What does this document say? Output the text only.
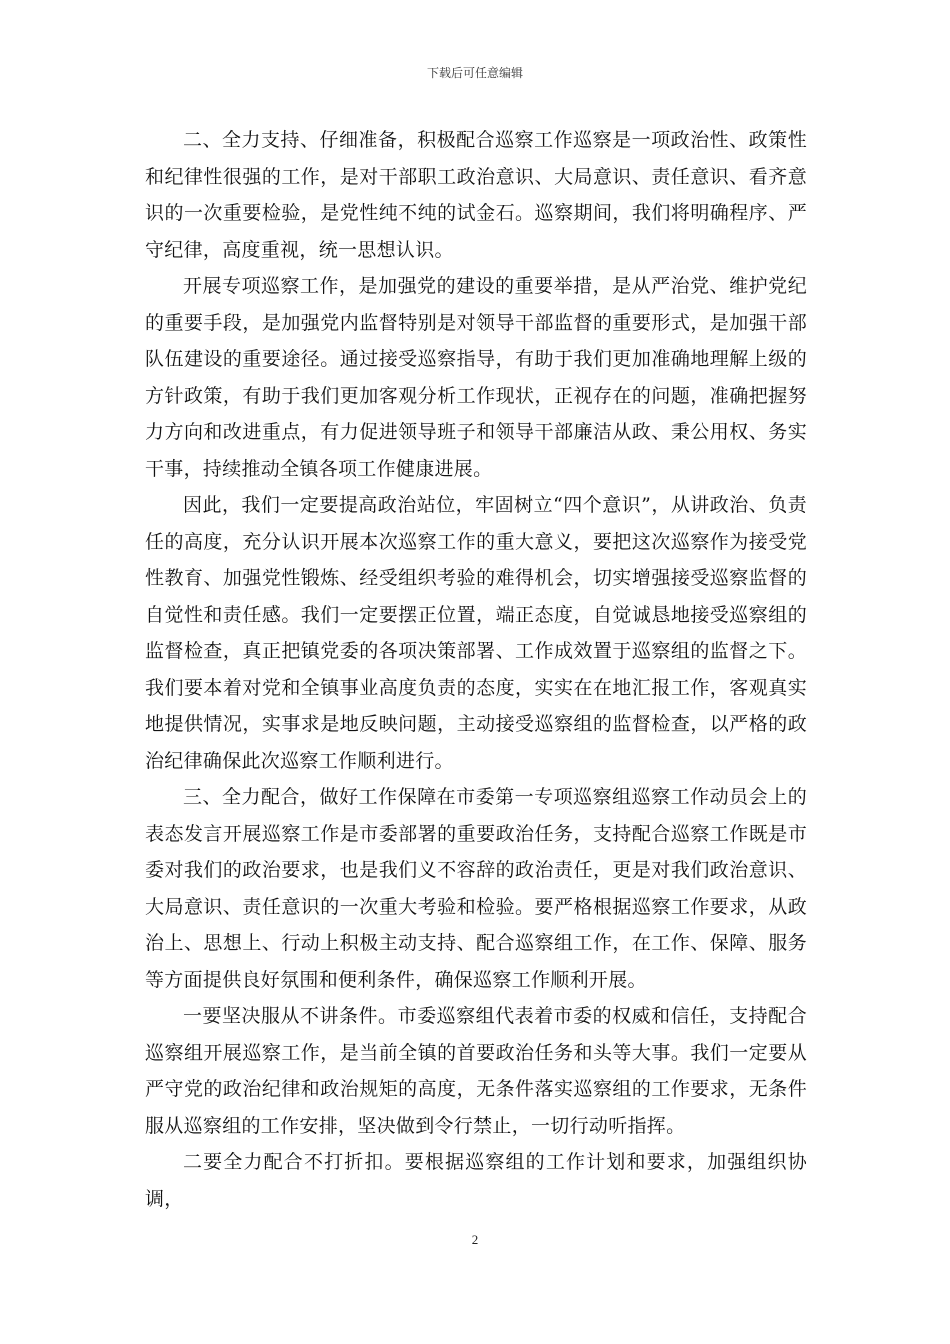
下载后可任意编辑

二、全力支持、仔细准备，积极配合巡察工作巡察是一项政治性、政策性和纪律性很强的工作，是对干部职工政治意识、大局意识、责任意识、看齐意识的一次重要检验，是党性纯不纯的试金石。巡察期间，我们将明确程序、严守纪律，高度重视，统一思想认识。

开展专项巡察工作，是加强党的建设的重要举措，是从严治党、维护党纪的重要手段，是加强党内监督特别是对领导干部监督的重要形式，是加强干部队伍建设的重要途径。通过接受巡察指导，有助于我们更加准确地理解上级的方针政策，有助于我们更加客观分析工作现状，正视存在的问题，准确把握努力方向和改进重点，有力促进领导班子和领导干部廉洁从政、秉公用权、务实干事，持续推动全镇各项工作健康进展。

因此，我们一定要提高政治站位，牢固树立“四个意识”，从讲政治、负责任的高度，充分认识开展本次巡察工作的重大意义，要把这次巡察作为接受党性教育、加强党性锻炼、经受组织考验的难得机会，切实增强接受巡察监督的自觉性和责任感。我们一定要摆正位置，端正态度，自觉诚恳地接受巡察组的监督检查，真正把镇党委的各项决策部署、工作成效置于巡察组的监督之下。我们要本着对党和全镇事业高度负责的态度，实实在在地汇报工作，客观真实地提供情况，实事求是地反映问题，主动接受巡察组的监督检查，以严格的政治纪律确保此次巡察工作顺利进行。

三、全力配合，做好工作保障在市委第一专项巡察组巡察工作动员会上的表态发言开展巡察工作是市委部署的重要政治任务，支持配合巡察工作既是市委对我们的政治要求，也是我们义不容辞的政治责任，更是对我们政治意识、大局意识、责任意识的一次重大考验和检验。要严格根据巡察工作要求，从政治上、思想上、行动上积极主动支持、配合巡察组工作，在工作、保障、服务等方面提供良好氛围和便利条件，确保巡察工作顺利开展。

一要坚决服从不讲条件。市委巡察组代表着市委的权威和信任，支持配合巡察组开展巡察工作，是当前全镇的首要政治任务和头等大事。我们一定要从严守党的政治纪律和政治规矩的高度，无条件落实巡察组的工作要求，无条件服从巡察组的工作安排，坚决做到令行禁止，一切行动听指挥。

二要全力配合不打折扣。要根据巡察组的工作计划和要求，加强组织协调，

2
